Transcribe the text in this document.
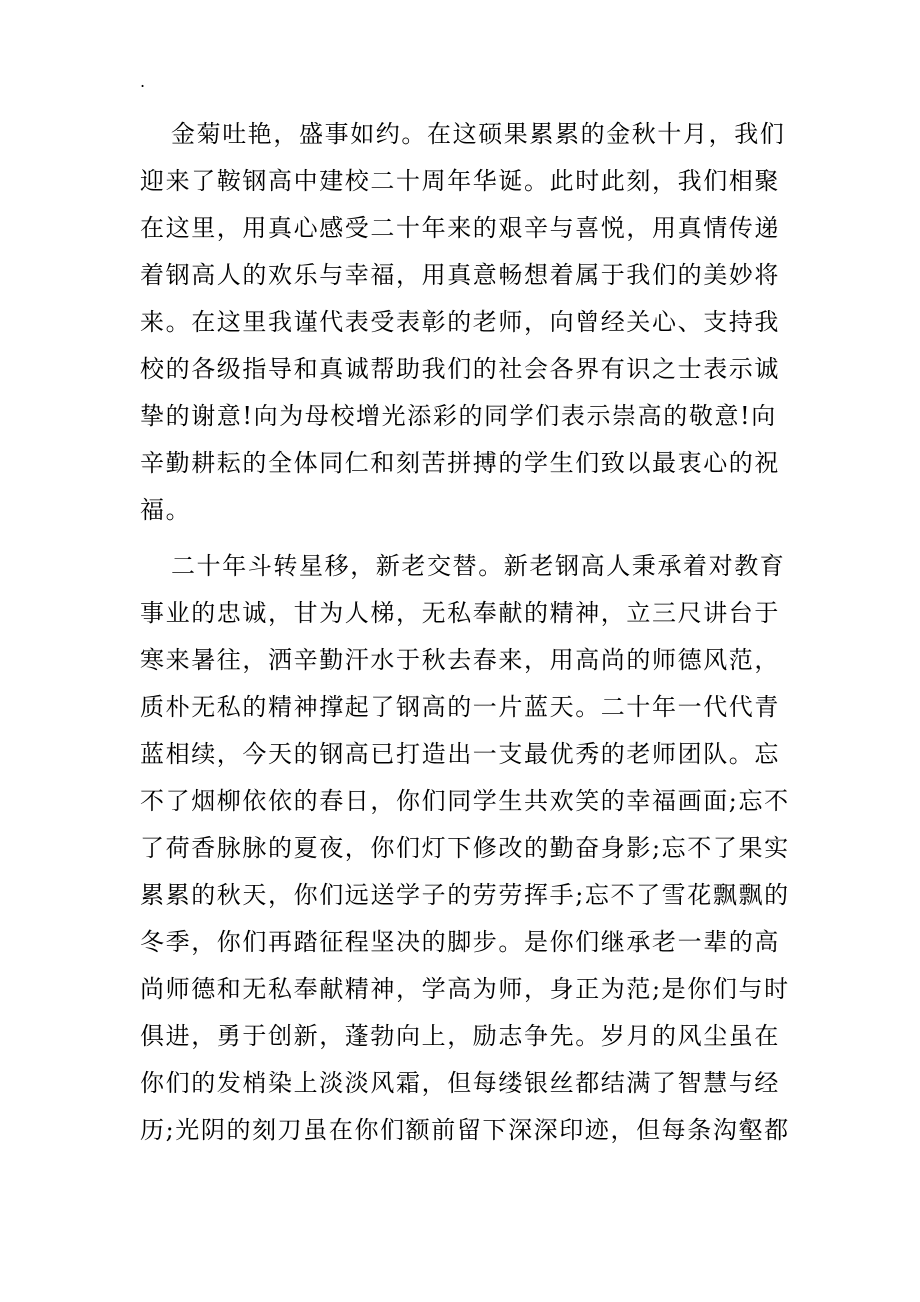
.
金菊吐艳，盛事如约。在这硕果累累的金秋十月，我们
迎来了鞍钢高中建校二十周年华诞。此时此刻，我们相聚
在这里，用真心感受二十年来的艰辛与喜悦，用真情传递
着钢高人的欢乐与幸福，用真意畅想着属于我们的美妙将
来。在这里我谨代表受表彰的老师，向曾经关心、支持我
校的各级指导和真诚帮助我们的社会各界有识之士表示诚
挚的谢意!向为母校增光添彩的同学们表示崇高的敬意!向
辛勤耕耘的全体同仁和刻苦拼搏的学生们致以最衷心的祝
福。
二十年斗转星移，新老交替。新老钢高人秉承着对教育
事业的忠诚，甘为人梯，无私奉献的精神，立三尺讲台于
寒来暑往，洒辛勤汗水于秋去春来，用高尚的师德风范，
质朴无私的精神撑起了钢高的一片蓝天。二十年一代代青
蓝相续，今天的钢高已打造出一支最优秀的老师团队。忘
不了烟柳依依的春日，你们同学生共欢笑的幸福画面;忘不
了荷香脉脉的夏夜，你们灯下修改的勤奋身影;忘不了果实
累累的秋天，你们远送学子的劳劳挥手;忘不了雪花飘飘的
冬季，你们再踏征程坚决的脚步。是你们继承老一辈的高
尚师德和无私奉献精神，学高为师，身正为范;是你们与时
俱进，勇于创新，蓬勃向上，励志争先。岁月的风尘虽在
你们的发梢染上淡淡风霜，但每缕银丝都结满了智慧与经
历;光阴的刻刀虽在你们额前留下深深印迹，但每条沟壑都
